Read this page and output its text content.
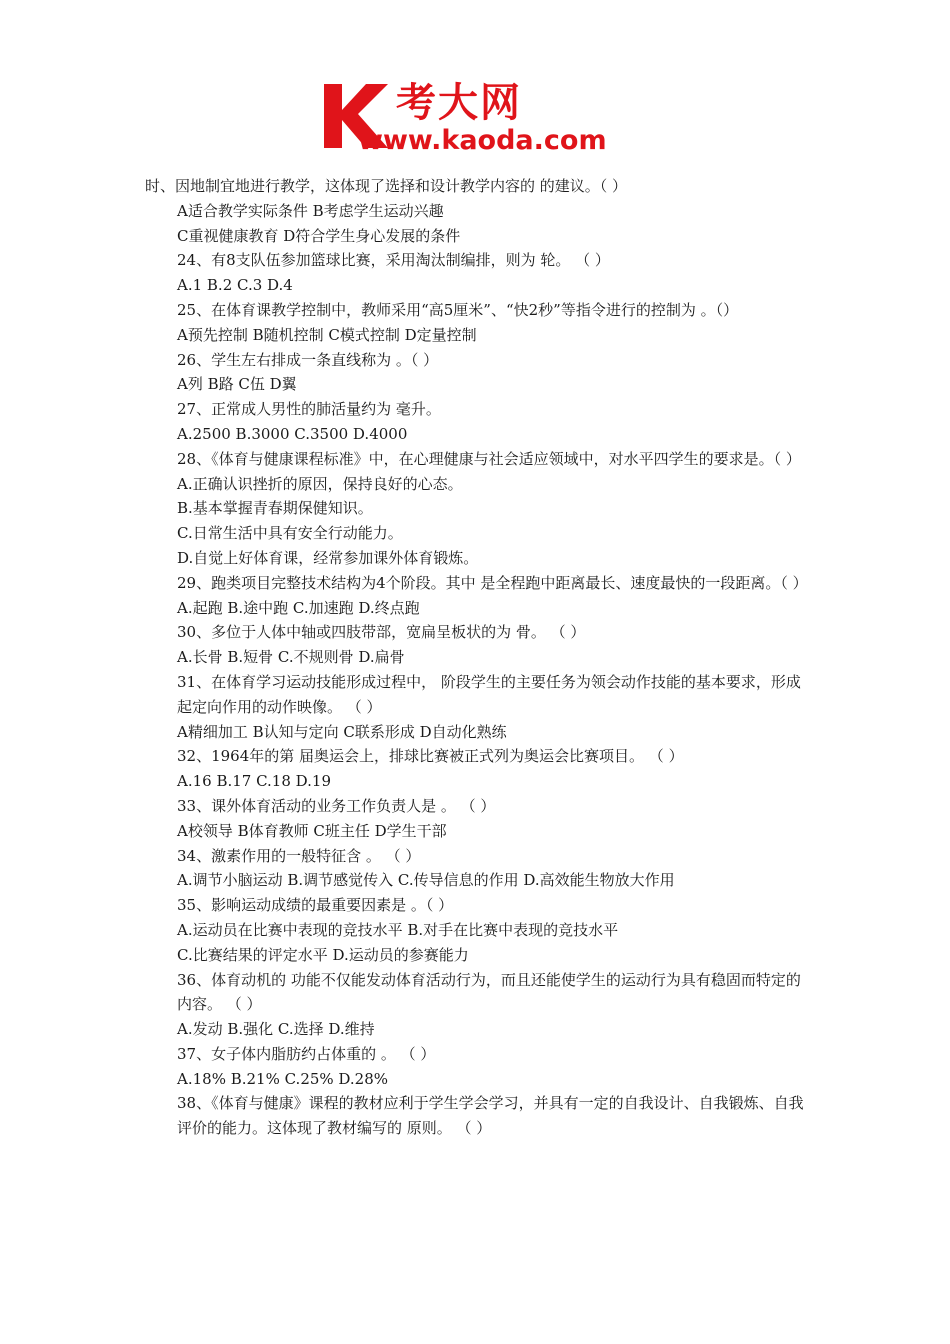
考大网
www.kaoda.com
时、因地制宜地进行教学，这体现了选择和设计教学内容的 的建议。（ ）
A适合教学实际条件 B考虑学生运动兴趣
C重视健康教育 D符合学生身心发展的条件
24、有8支队伍参加篮球比赛，采用淘汰制编排，则为 轮。 （ ）
A.1 B.2 C.3 D.4
25、在体育课教学控制中，教师采用“高5厘米”、“快2秒”等指令进行的控制为 。（）
A预先控制 B随机控制 C模式控制 D定量控制
26、学生左右排成一条直线称为 。（ ）
A列 B路 C伍 D翼
27、正常成人男性的肺活量约为 毫升。
A.2500 B.3000 C.3500 D.4000
28、《体育与健康课程标准》中，在心理健康与社会适应领域中，对水平四学生的要求是。（ ）
A.正确认识挫折的原因，保持良好的心态。
B.基本掌握青春期保健知识。
C.日常生活中具有安全行动能力。
D.自觉上好体育课，经常参加课外体育锻炼。
29、跑类项目完整技术结构为4个阶段。其中 是全程跑中距离最长、速度最快的一段距离。（ ）
A.起跑 B.途中跑 C.加速跑 D.终点跑
30、多位于人体中轴或四肢带部，宽扁呈板状的为 骨。 （ ）
A.长骨 B.短骨 C.不规则骨 D.扁骨
31、在体育学习运动技能形成过程中， 阶段学生的主要任务为领会动作技能的基本要求，形成起定向作用的动作映像。 （ ）
A精细加工 B认知与定向 C联系形成 D自动化熟练
32、1964年的第 届奥运会上，排球比赛被正式列为奥运会比赛项目。 （ ）
A.16 B.17 C.18 D.19
33、课外体育活动的业务工作负责人是 。 （ ）
A校领导 B体育教师 C班主任 D学生干部
34、激素作用的一般特征含 。 （ ）
A.调节小脑运动 B.调节感觉传入 C.传导信息的作用 D.高效能生物放大作用
35、影响运动成绩的最重要因素是 。（ ）
A.运动员在比赛中表现的竞技水平 B.对手在比赛中表现的竞技水平
C.比赛结果的评定水平 D.运动员的参赛能力
36、体育动机的 功能不仅能发动体育活动行为，而且还能使学生的运动行为具有稳固而特定的内容。 （ ）
A.发动 B.强化 C.选择 D.维持
37、女子体内脂肪约占体重的 。 （ ）
A.18% B.21% C.25% D.28%
38、《体育与健康》课程的教材应利于学生学会学习，并具有一定的自我设计、自我锻炼、自我评价的能力。这体现了教材编写的 原则。 （ ）
